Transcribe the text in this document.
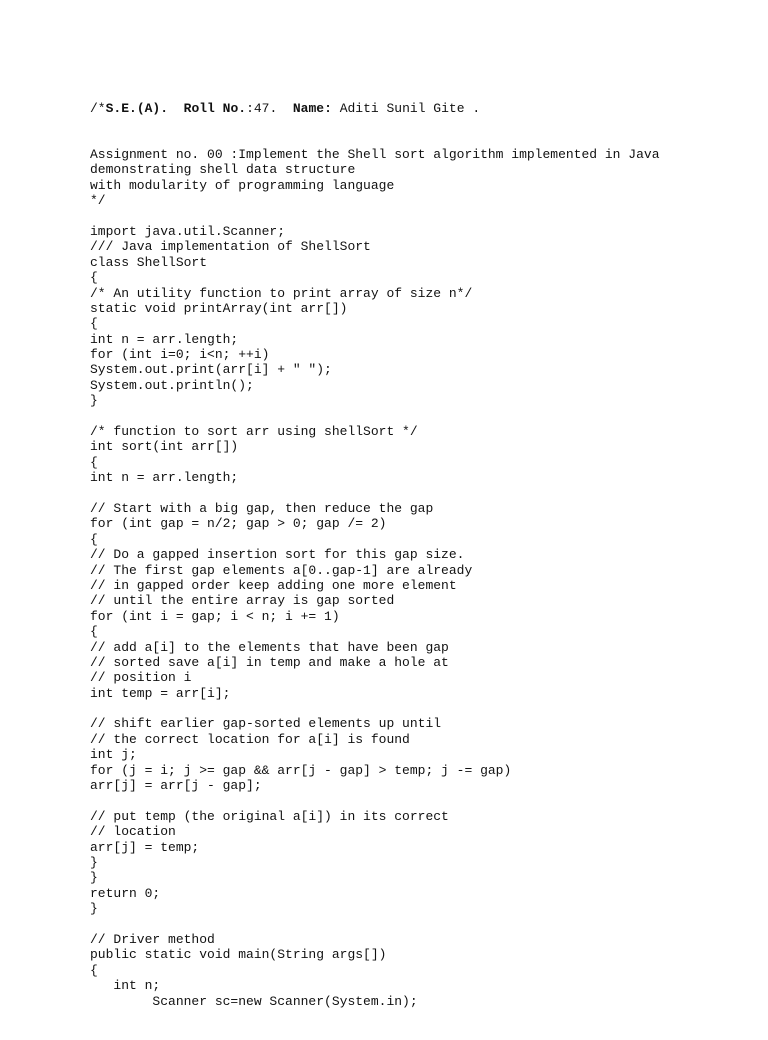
/*S.E.(A). Roll No.:47.  Name: Aditi Sunil Gite .

Assignment no. 00 :Implement the Shell sort algorithm implemented in Java
demonstrating shell data structure
with modularity of programming language
*/
import java.util.Scanner;
/// Java implementation of ShellSort
class ShellSort
{
/* An utility function to print array of size n*/
static void printArray(int arr[])
{
int n = arr.length;
for (int i=0; i<n; ++i)
System.out.print(arr[i] + " ");
System.out.println();
}
/* function to sort arr using shellSort */
int sort(int arr[])
{
int n = arr.length;
// Start with a big gap, then reduce the gap
for (int gap = n/2; gap > 0; gap /= 2)
{
// Do a gapped insertion sort for this gap size.
// The first gap elements a[0..gap-1] are already
// in gapped order keep adding one more element
// until the entire array is gap sorted
for (int i = gap; i < n; i += 1)
{
// add a[i] to the elements that have been gap
// sorted save a[i] in temp and make a hole at
// position i
int temp = arr[i];
// shift earlier gap-sorted elements up until
// the correct location for a[i] is found
int j;
for (j = i; j >= gap && arr[j - gap] > temp; j -= gap)
arr[j] = arr[j - gap];
// put temp (the original a[i]) in its correct
// location
arr[j] = temp;
}
}
return 0;
}
// Driver method
public static void main(String args[])
{
int n;
Scanner sc=new Scanner(System.in);
